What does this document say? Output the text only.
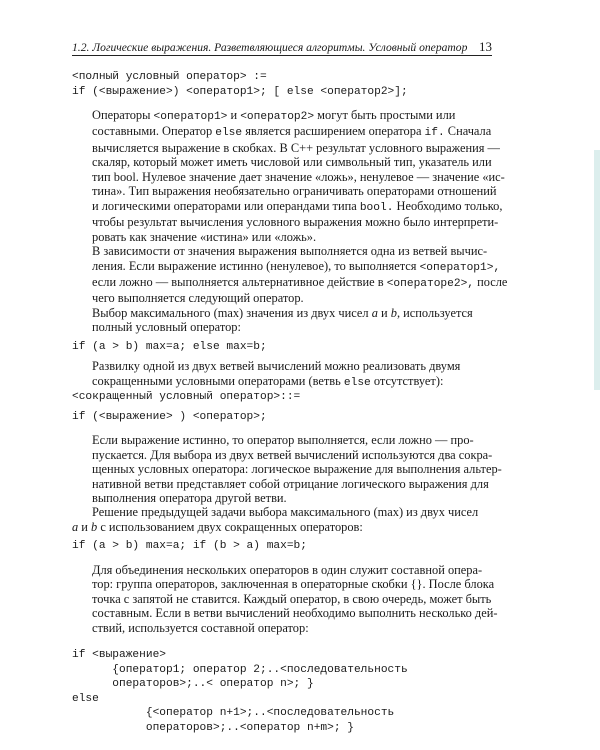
1.2. Логические выражения. Разветвляющиеся алгоритмы. Условный оператор 13
<полный условный оператор> :=
if (<выражение>) <оператор1>; [ else <оператор2>];
Операторы <оператор1> и <оператор2> могут быть простыми или
составными. Оператор else является расширением оператора if. Сначала
вычисляется выражение в скобках. В C++ результат условного выражения —
скаляр, который может иметь числовой или символьный тип, указатель или
тип bool. Нулевое значение дает значение «ложь», ненулевое — значение «ис-
тина». Тип выражения необязательно ограничивать операторами отношений
и логическими операторами или операндами типа bool. Необходимо только,
чтобы результат вычисления условного выражения можно было интерпрети-
ровать как значение «истина» или «ложь».
В зависимости от значения выражения выполняется одна из ветвей вычис-
ления. Если выражение истинно (ненулевое), то выполняется <оператор1>,
если ложно — выполняется альтернативное действие в <операторе2>, после
чего выполняется следующий оператор.
Выбор максимального (max) значения из двух чисел a и b, используется
полный условный оператор:
if (a > b) max=a; else max=b;
Развилку одной из двух ветвей вычислений можно реализовать двумя
сокращенными условными операторами (ветвь else отсутствует):
<сокращенный условный оператор>::=
if (<выражение> ) <оператор>;
Если выражение истинно, то оператор выполняется, если ложно — про-
пускается. Для выбора из двух ветвей вычислений используются два сокра-
щенных условных оператора: логическое выражение для выполнения альтер-
нативной ветви представляет собой отрицание логического выражения для
выполнения оператора другой ветви.
Решение предыдущей задачи выбора максимального (max) из двух чисел
a и b с использованием двух сокращенных операторов:
if (a > b) max=a; if (b > a) max=b;
Для объединения нескольких операторов в один служит составной опера-
тор: группа операторов, заключенная в операторные скобки {}. После блока
точка с запятой не ставится. Каждый оператор, в свою очередь, может быть
составным. Если в ветви вычислений необходимо выполнить несколько дей-
ствий, используется составной оператор:
if <выражение>
{оператор1; оператор 2;..<последовательность
операторов>;..< оператор n>; }
else
{<оператор n+1>;..<последовательность
операторов>;..<оператор n+m>; }
